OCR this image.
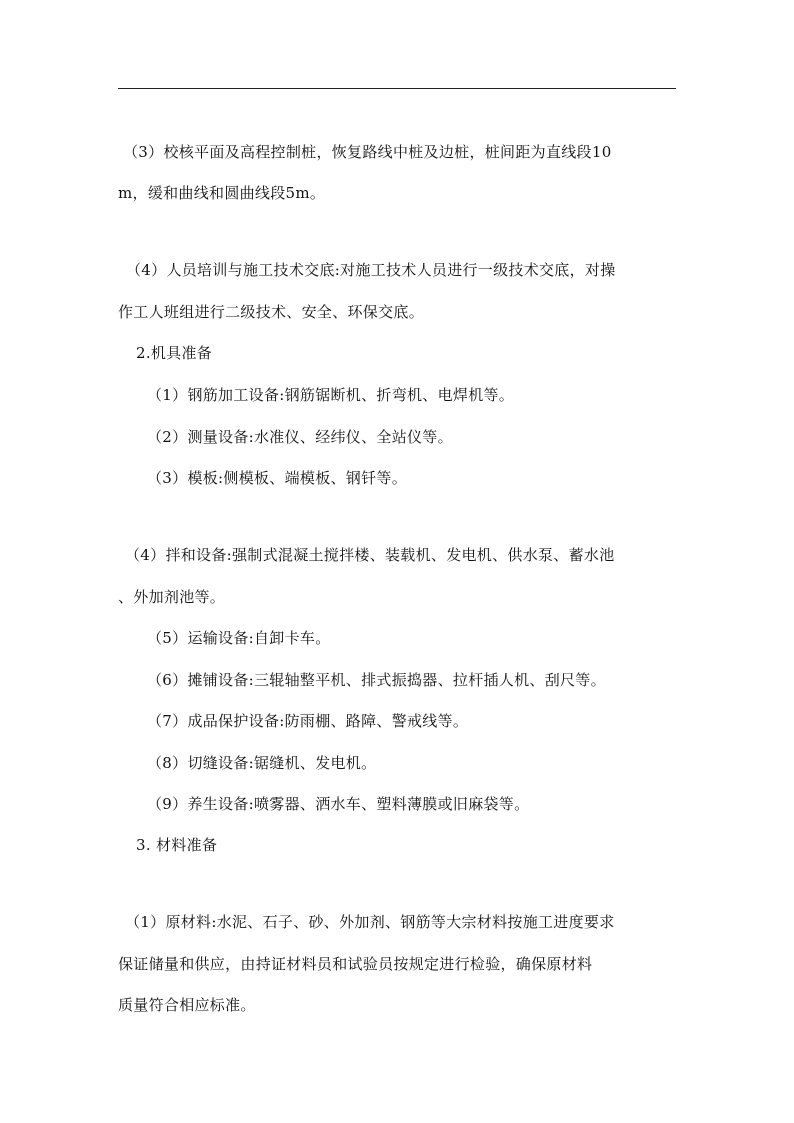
（3）校核平面及高程控制桩，恢复路线中桩及边桩，桩间距为直线段10
m，缓和曲线和圆曲线段5m。
（4）人员培训与施工技术交底:对施工技术人员进行一级技术交底，对操
作工人班组进行二级技术、安全、环保交底。
2.机具准备
（1）钢筋加工设备:钢筋锯断机、折弯机、电焊机等。
（2）测量设备:水准仪、经纬仪、全站仪等。
（3）模板:侧模板、端模板、钢钎等。
（4）拌和设备:强制式混凝土搅拌楼、装载机、发电机、供水泵、蓄水池
、外加剂池等。
（5）运输设备:自卸卡车。
（6）摊铺设备:三辊轴整平机、排式振捣器、拉杆插人机、刮尺等。
（7）成品保护设备:防雨棚、路障、警戒线等。
（8）切缝设备:锯缝机、发电机。
（9）养生设备:喷雾器、洒水车、塑料薄膜或旧麻袋等。
3. 材料准备
（1）原材料:水泥、石子、砂、外加剂、钢筋等大宗材料按施工进度要求
保证储量和供应，由持证材料员和试验员按规定进行检验，确保原材料
质量符合相应标准。
